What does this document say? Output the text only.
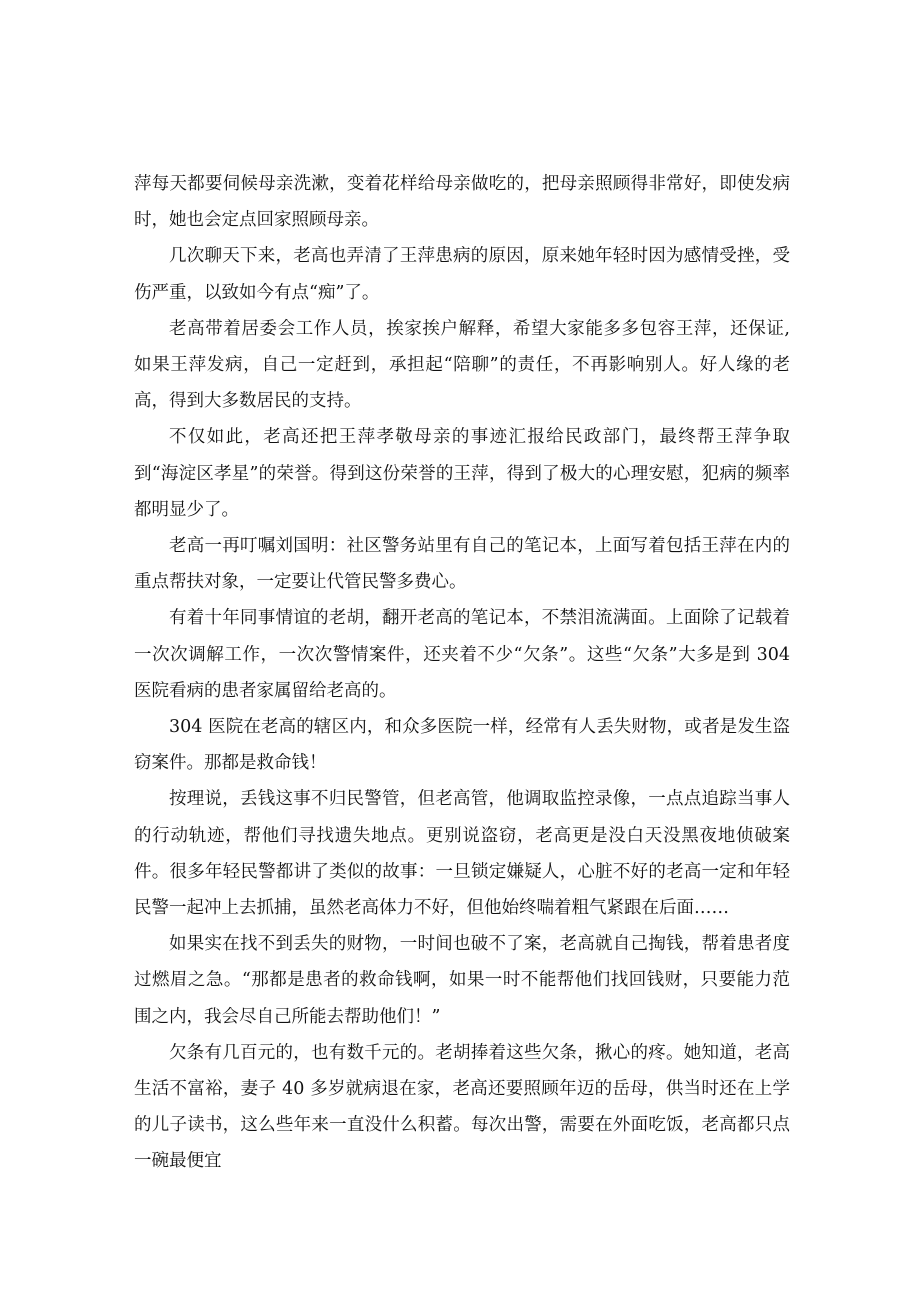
萍每天都要伺候母亲洗漱，变着花样给母亲做吃的，把母亲照顾得非常好，即使发病时，她也会定点回家照顾母亲。

几次聊天下来，老高也弄清了王萍患病的原因，原来她年轻时因为感情受挫，受伤严重，以致如今有点“痴”了。

老高带着居委会工作人员，挨家挨户解释，希望大家能多多包容王萍，还保证, 如果王萍发病，自己一定赶到，承担起“陪聊”的责任，不再影响别人。好人缘的老高，得到大多数居民的支持。

不仅如此，老高还把王萍孝敬母亲的事迹汇报给民政部门，最终帮王萍争取到“海淀区孝星”的荣誉。得到这份荣誉的王萍，得到了极大的心理安慰，犯病的频率都明显少了。

老高一再叮嘱刘国明：社区警务站里有自己的笔记本，上面写着包括王萍在内的重点帮扶对象，一定要让代管民警多费心。

有着十年同事情谊的老胡，翻开老高的笔记本，不禁泪流满面。上面除了记载着一次次调解工作，一次次警情案件，还夹着不少“欠条”。这些“欠条”大多是到 304 医院看病的患者家属留给老高的。

304 医院在老高的辖区内，和众多医院一样，经常有人丢失财物，或者是发生盗窃案件。那都是救命钱！

按理说，丢钱这事不归民警管，但老高管，他调取监控录像，一点点追踪当事人的行动轨迹，帮他们寻找遗失地点。更别说盗窃，老高更是没白天没黑夜地侦破案件。很多年轻民警都讲了类似的故事：一旦锁定嫌疑人，心脏不好的老高一定和年轻民警一起冲上去抓捕，虽然老高体力不好，但他始终喘着粗气紧跟在后面……

如果实在找不到丢失的财物，一时间也破不了案，老高就自己掏钱，帮着患者度过燃眉之急。“那都是患者的救命钱啊，如果一时不能帮他们找回钱财，只要能力范围之内，我会尽自己所能去帮助他们！”

欠条有几百元的，也有数千元的。老胡捧着这些欠条，揪心的疼。她知道，老高生活不富裕，妻子 40 多岁就病退在家，老高还要照顾年迈的岳母，供当时还在上学的儿子读书，这么些年来一直没什么积蓄。每次出警，需要在外面吃饭，老高都只点一碗最便宜
